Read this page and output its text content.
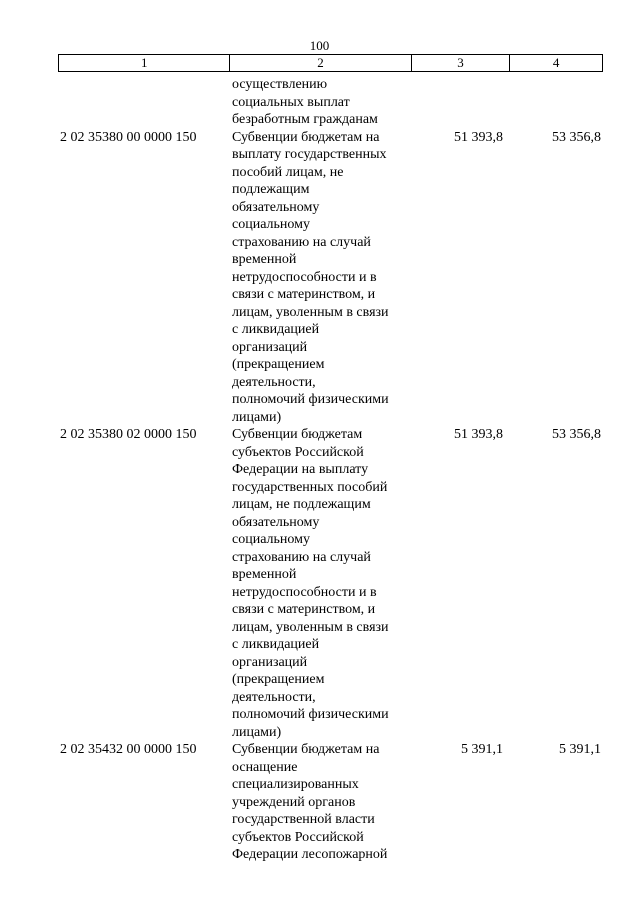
100
1	2	3	4
осуществлению
социальных выплат
безработным гражданам
2 02 35380 00 0000 150	Субвенции бюджетам на
выплату государственных
пособий лицам, не
подлежащим
обязательному
социальному
страхованию на случай
временной
нетрудоспособности и в
связи с материнством, и
лицам, уволенным в связи
с ликвидацией
организаций
(прекращением
деятельности,
полномочий физическими
лицами)
51 393,8	53 356,8
2 02 35380 02 0000 150	Субвенции бюджетам
субъектов Российской
Федерации на выплату
государственных пособий
лицам, не подлежащим
обязательному
социальному
страхованию на случай
временной
нетрудоспособности и в
связи с материнством, и
лицам, уволенным в связи
с ликвидацией
организаций
(прекращением
деятельности,
полномочий физическими
лицами)
51 393,8	53 356,8
2 02 35432 00 0000 150	Субвенции бюджетам на
оснащение
специализированных
учреждений органов
государственной власти
субъектов Российской
Федерации лесопожарной
5 391,1	5 391,1
